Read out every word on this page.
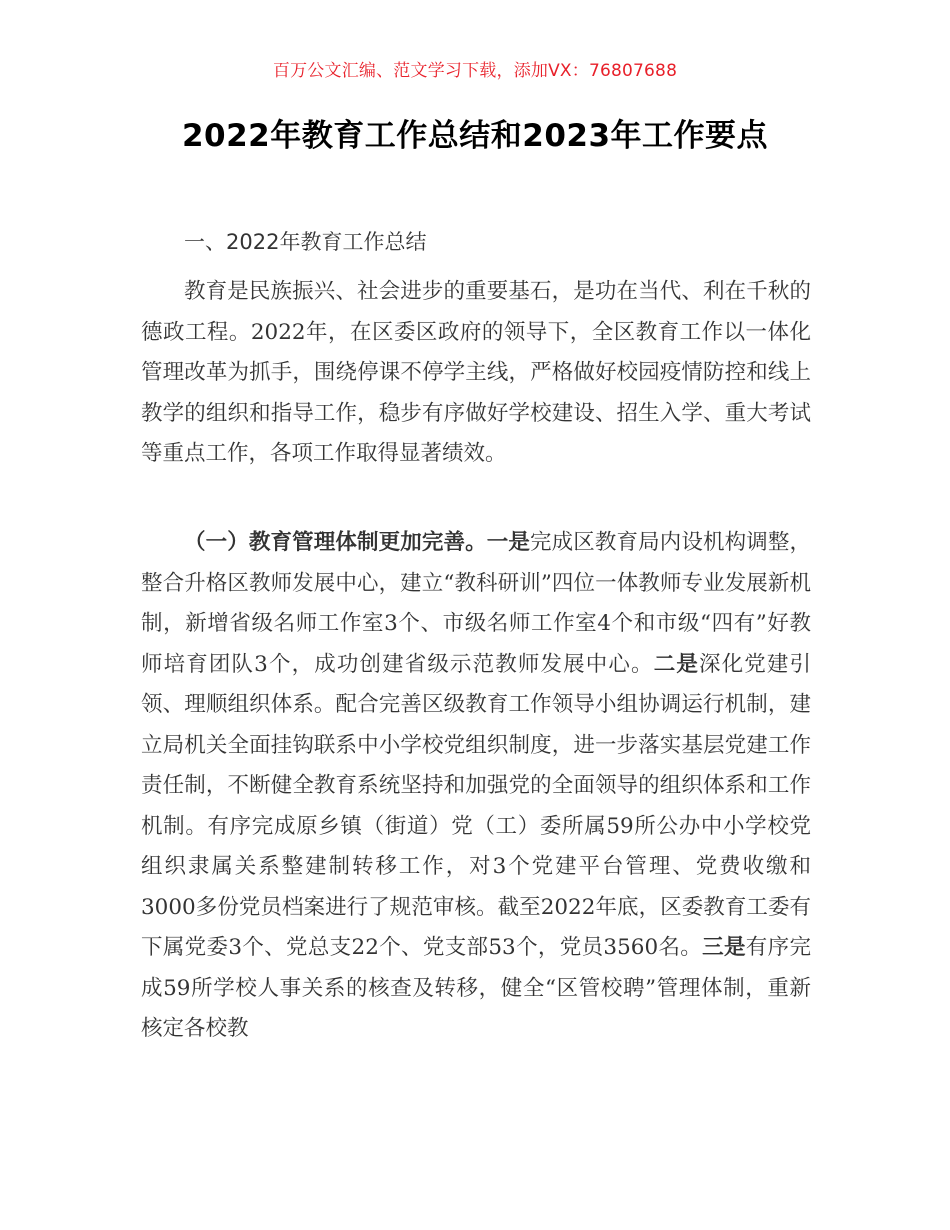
百万公文汇编、范文学习下载，添加VX：76807688
2022年教育工作总结和2023年工作要点
一、2022年教育工作总结

教育是民族振兴、社会进步的重要基石，是功在当代、利在千秋的德政工程。2022年，在区委区政府的领导下，全区教育工作以一体化管理改革为抓手，围绕停课不停学主线，严格做好校园疫情防控和线上教学的组织和指导工作，稳步有序做好学校建设、招生入学、重大考试等重点工作，各项工作取得显著绩效。

（一）教育管理体制更加完善。一是完成区教育局内设机构调整，整合升格区教师发展中心，建立“教科研训”四位一体教师专业发展新机制，新增省级名师工作室3个、市级名师工作室4个和市级“四有”好教师培育团队3个，成功创建省级示范教师发展中心。二是深化党建引领、理顺组织体系。配合完善区级教育工作领导小组协调运行机制，建立局机关全面挂钩联系中小学校党组织制度，进一步落实基层党建工作责任制，不断健全教育系统坚持和加强党的全面领导的组织体系和工作机制。有序完成原乡镇（街道）党（工）委所属59所公办中小学校党组织隶属关系整建制转移工作，对3个党建平台管理、党费收缴和3000多份党员档案进行了规范审核。截至2022年底，区委教育工委有下属党委3个、党总支22个、党支部53个，党员3560名。三是有序完成59所学校人事关系的核查及转移，健全“区管校聘”管理体制，重新核定各校教
